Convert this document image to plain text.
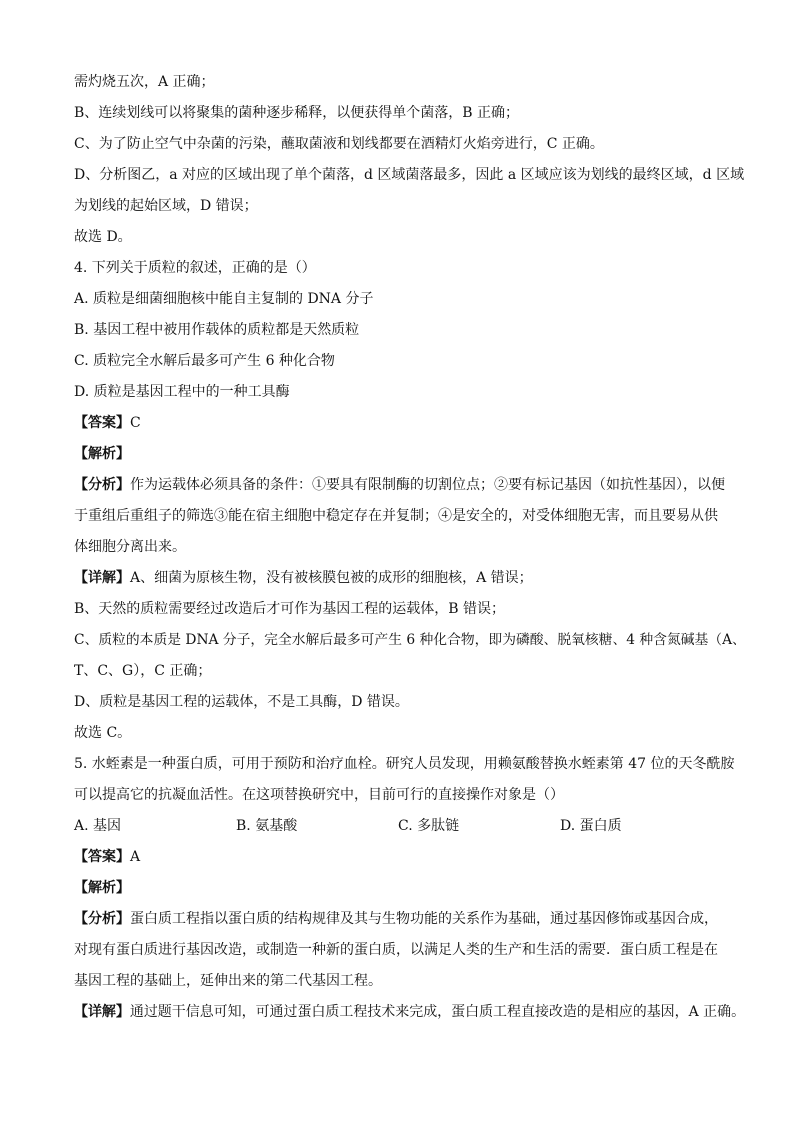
需灼烧五次，A 正确；
B、连续划线可以将聚集的菌种逐步稀释，以便获得单个菌落，B 正确；
C、为了防止空气中杂菌的污染，蘸取菌液和划线都要在酒精灯火焰旁进行，C 正确。
D、分析图乙，a 对应的区域出现了单个菌落，d 区域菌落最多，因此 a 区域应该为划线的最终区域，d 区域
为划线的起始区域，D 错误；
故选 D。
4. 下列关于质粒的叙述，正确的是（）
A. 质粒是细菌细胞核中能自主复制的 DNA 分子
B. 基因工程中被用作载体的质粒都是天然质粒
C. 质粒完全水解后最多可产生 6 种化合物
D. 质粒是基因工程中的一种工具酶
【答案】C
【解析】
【分析】作为运载体必须具备的条件：①要具有限制酶的切割位点；②要有标记基因（如抗性基因），以便
于重组后重组子的筛选③能在宿主细胞中稳定存在并复制；④是安全的，对受体细胞无害，而且要易从供
体细胞分离出来。
【详解】A、细菌为原核生物，没有被核膜包被的成形的细胞核，A 错误；
B、天然的质粒需要经过改造后才可作为基因工程的运载体，B 错误；
C、质粒的本质是 DNA 分子，完全水解后最多可产生 6 种化合物，即为磷酸、脱氧核糖、4 种含氮碱基（A、
T、C、G），C 正确；
D、质粒是基因工程的运载体，不是工具酶，D 错误。
故选 C。
5. 水蛭素是一种蛋白质，可用于预防和治疗血栓。研究人员发现，用赖氨酸替换水蛭素第 47 位的天冬酰胺
可以提高它的抗凝血活性。在这项替换研究中，目前可行的直接操作对象是（）
A. 基因	B. 氨基酸	C. 多肽链	D. 蛋白质
【答案】A
【解析】
【分析】蛋白质工程指以蛋白质的结构规律及其与生物功能的关系作为基础，通过基因修饰或基因合成，
对现有蛋白质进行基因改造，或制造一种新的蛋白质，以满足人类的生产和生活的需要．蛋白质工程是在
基因工程的基础上，延伸出来的第二代基因工程。
【详解】通过题干信息可知，可通过蛋白质工程技术来完成，蛋白质工程直接改造的是相应的基因，A 正确。
